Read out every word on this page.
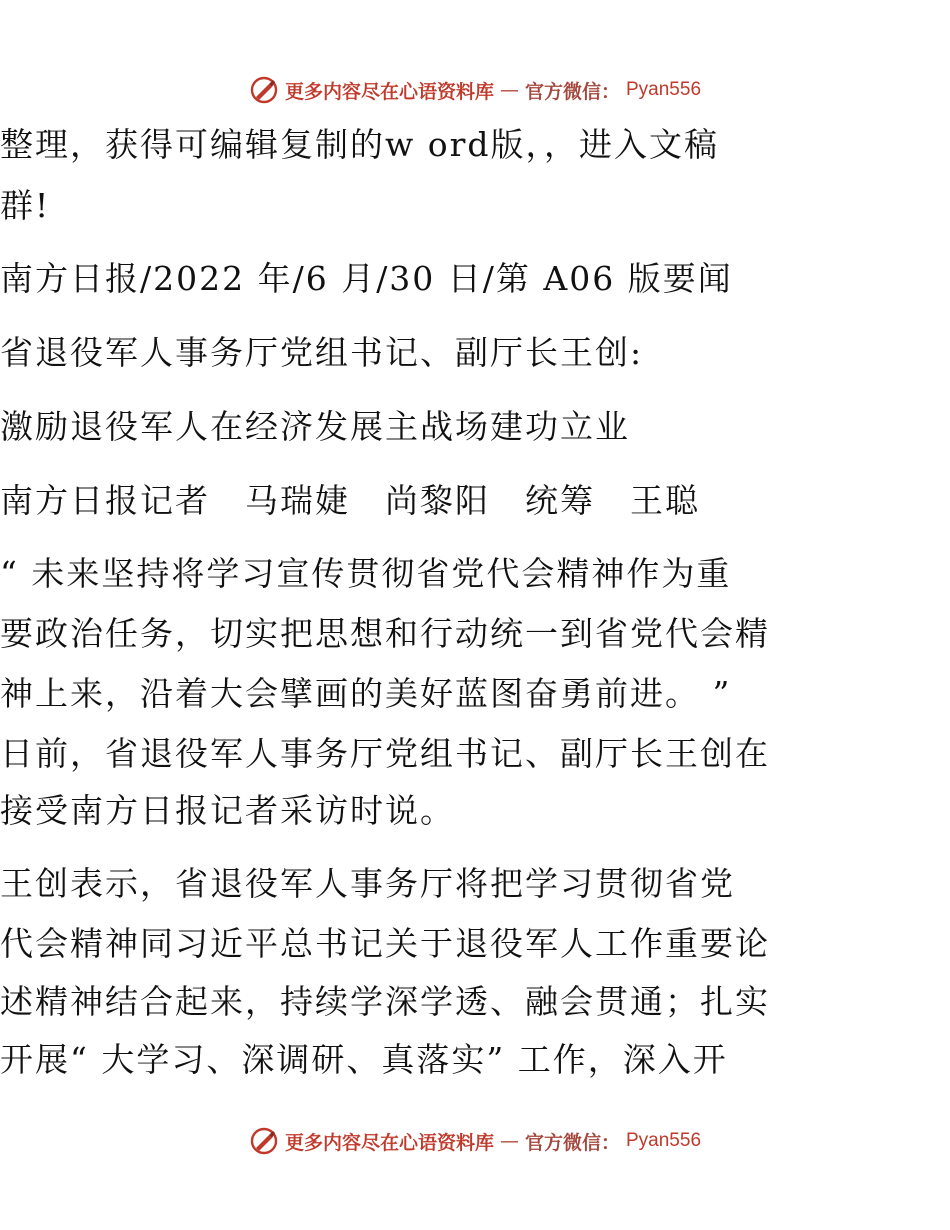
更多内容尽在心语资料库 — 官方微信： Pyan556
整理，获得可编辑复制的w ord版，，进入文稿
群!
南方日报/2022 年/6 月/30 日/第 A06 版要闻
省退役军人事务厅党组书记、副厅长王创:
激励退役军人在经济发展主战场建功立业
南方日报记者　马瑞婕　尚黎阳　统筹　王聪
“ 未来坚持将学习宣传贯彻省党代会精神作为重
要政治任务，切实把思想和行动统一到省党代会精
神上来，沿着大会擘画的美好蓝图奋勇前进。 ”
日前，省退役军人事务厅党组书记、副厅长王创在
接受南方日报记者采访时说。
王创表示，省退役军人事务厅将把学习贯彻省党
代会精神同习近平总书记关于退役军人工作重要论
述精神结合起来，持续学深学透、融会贯通；扎实
开展“ 大学习、深调研、真落实” 工作，深入开
更多内容尽在心语资料库 — 官方微信： Pyan556
